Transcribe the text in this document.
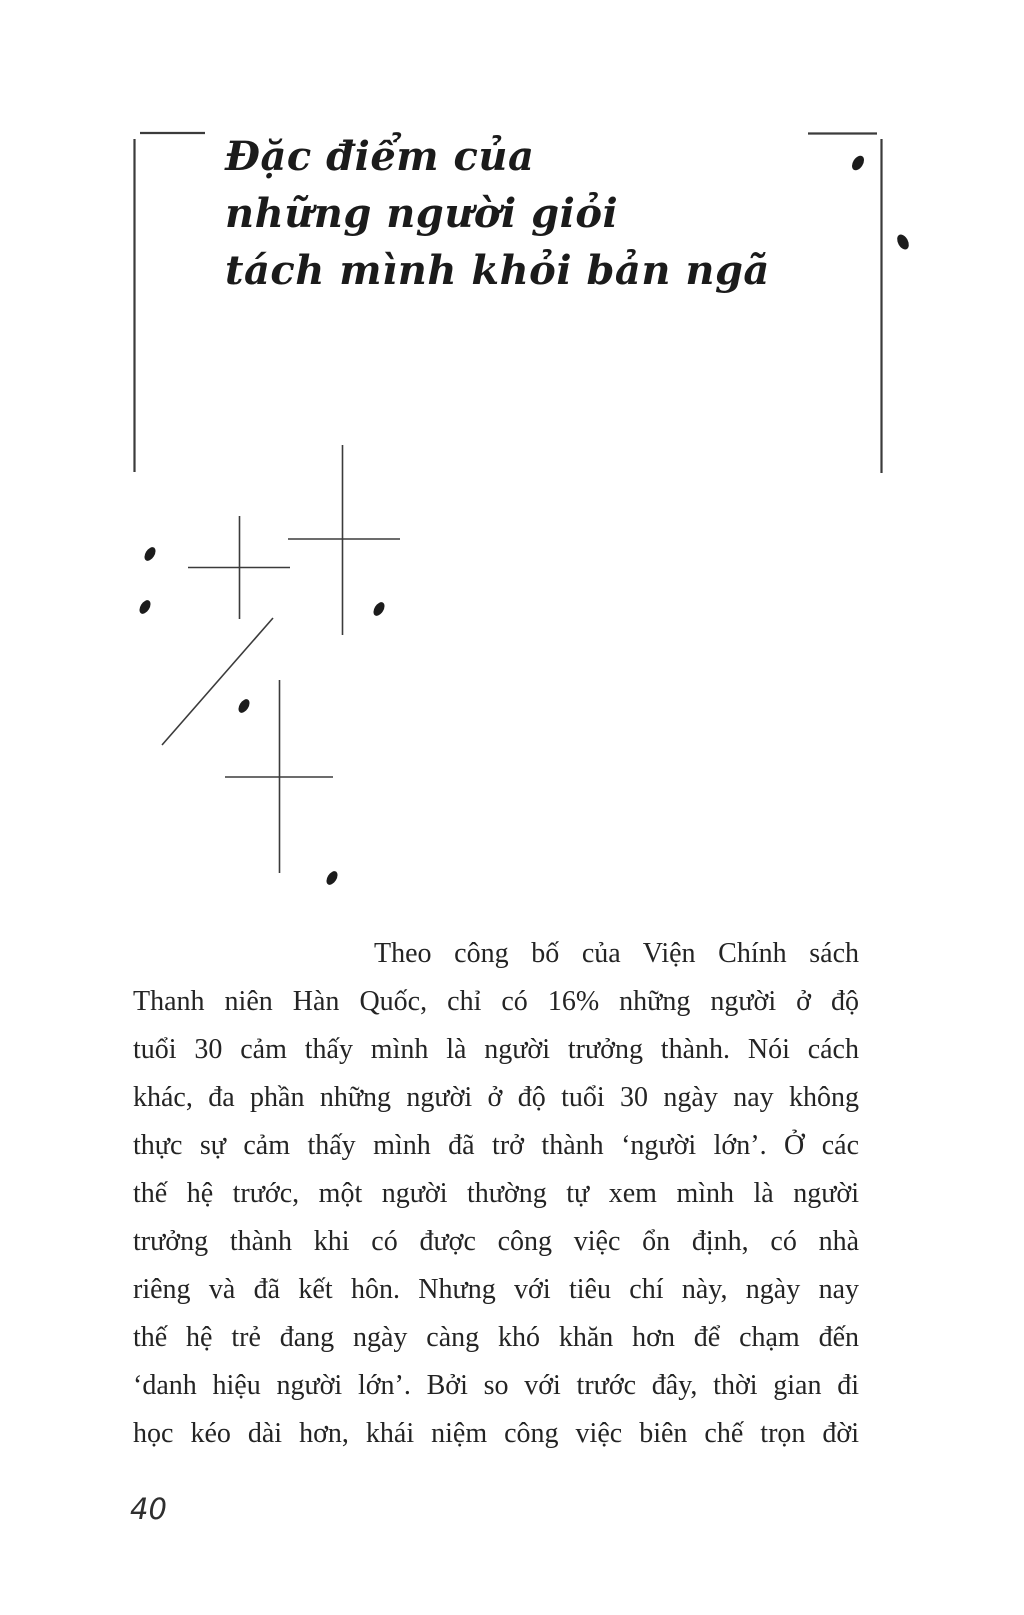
Đặc điểm của
những người giỏi
tách mình khỏi bản ngã
Theo công bố của Viện Chính sách
Thanh niên Hàn Quốc, chỉ có 16% những người ở độ
tuổi 30 cảm thấy mình là người trưởng thành. Nói cách
khác, đa phần những người ở độ tuổi 30 ngày nay không
thực sự cảm thấy mình đã trở thành ‘người lớn’. Ở các
thế hệ trước, một người thường tự xem mình là người
trưởng thành khi có được công việc ổn định, có nhà
riêng và đã kết hôn. Nhưng với tiêu chí này, ngày nay
thế hệ trẻ đang ngày càng khó khăn hơn để chạm đến
‘danh hiệu người lớn’. Bởi so với trước đây, thời gian đi
học kéo dài hơn, khái niệm công việc biên chế trọn đời
40
